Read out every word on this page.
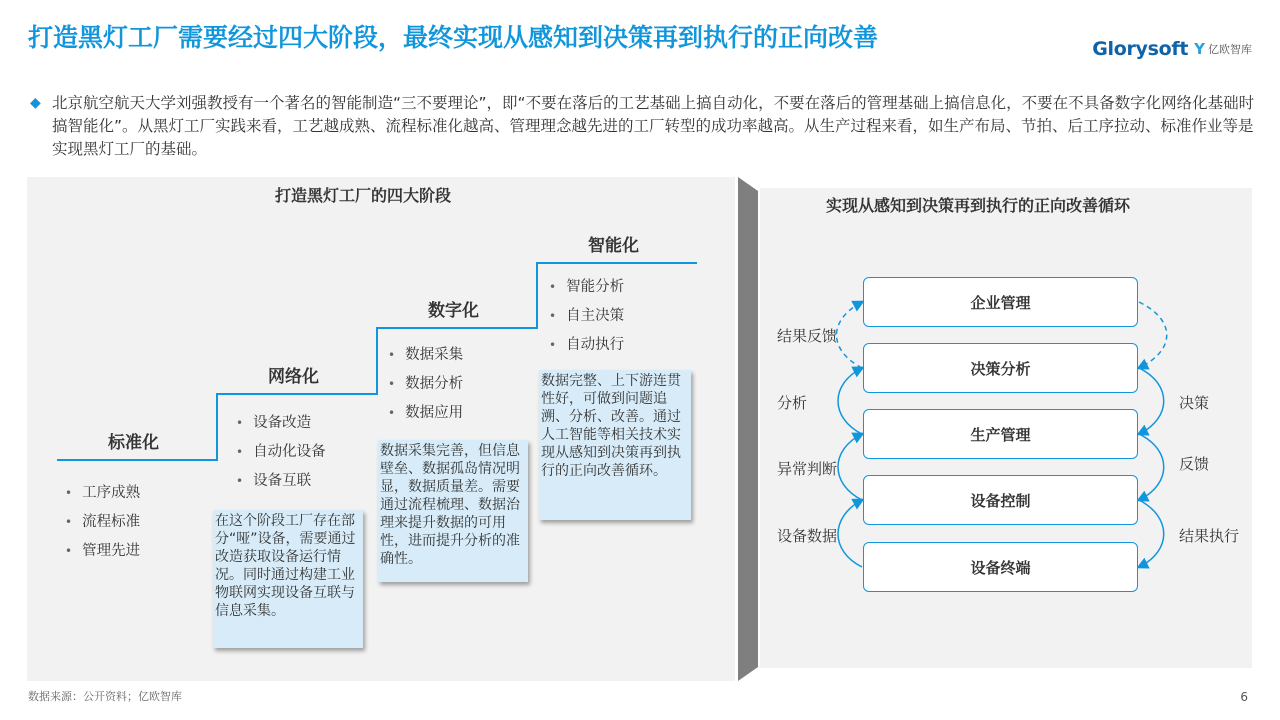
打造黑灯工厂需要经过四大阶段，最终实现从感知到决策再到执行的正向改善	Glorysoft Y 亿欧智库
◆ 北京航空航天大学刘强教授有一个著名的智能制造“三不要理论”，即“不要在落后的工艺基础上搞自动化，不要在落后的管理基础上搞信息化，不要在不具备数字化网络化基础时搞智能化”。从黑灯工厂实践来看，工艺越成熟、流程标准化越高、管理理念越先进的工厂转型的成功率越高。从生产过程来看，如生产布局、节拍、后工序拉动、标准作业等是实现黑灯工厂的基础。
打造黑灯工厂的四大阶段
标准化
• 工序成熟
• 流程标准
• 管理先进
网络化
• 设备改造
• 自动化设备
• 设备互联
在这个阶段工厂存在部分“哑”设备，需要通过改造获取设备运行情况。同时通过构建工业物联网实现设备互联与信息采集。
数字化
• 数据采集
• 数据分析
• 数据应用
数据采集完善，但信息壁垒、数据孤岛情况明显，数据质量差。需要通过流程梳理、数据治理来提升数据的可用性，进而提升分析的准确性。
智能化
• 智能分析
• 自主决策
• 自动执行
数据完整、上下游连贯性好，可做到问题追溯、分析、改善。通过人工智能等相关技术实现从感知到决策再到执行的正向改善循环。
实现从感知到决策再到执行的正向改善循环
企业管理
决策分析
生产管理
设备控制
设备终端
结果反馈
分析
异常判断
设备数据
决策
反馈
结果执行
数据来源：公开资料；亿欧智库	6
